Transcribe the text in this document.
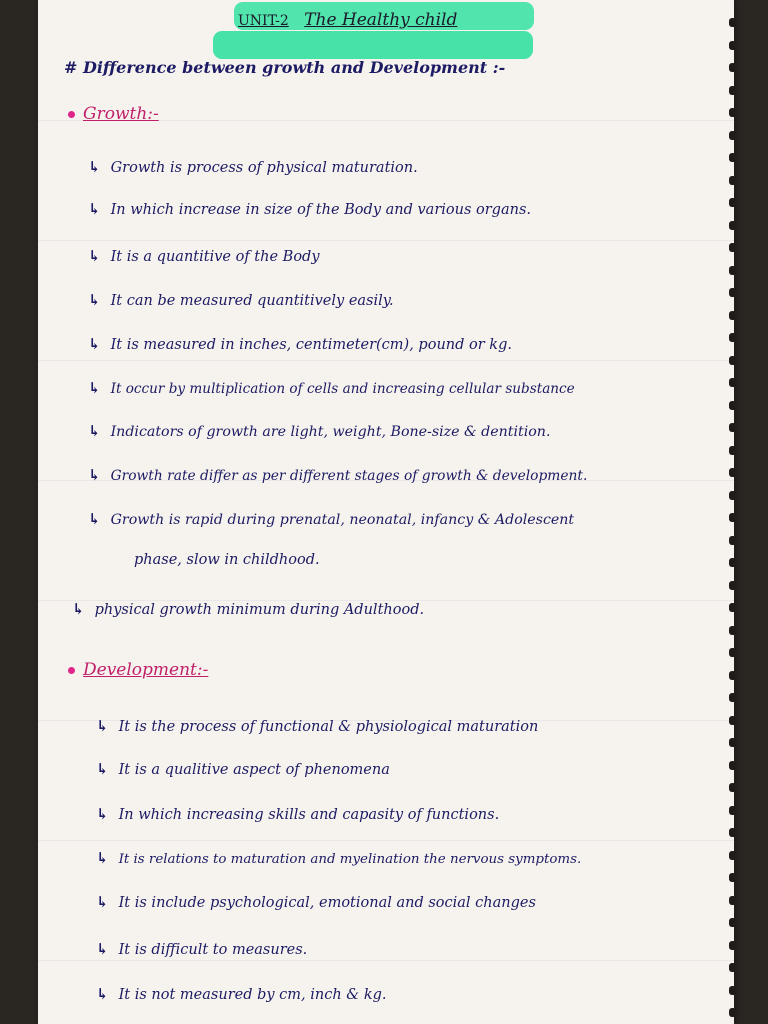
UNIT-2 The Healthy child
# Difference between growth and Development :-
Growth:-
↳ Growth is process of physical maturation.
↳ In which increase in size of the Body and various organs.
↳ It is a quantitive of the Body
↳ It can be measured quantitively easily.
↳ It is measured in inches, centimeter(cm), pound or kg.
↳ It occur by multiplication of cells and increasing cellular substance
↳ Indicators of growth are light, weight, Bone-size & dentition.
↳ Growth rate differ as per different stages of growth & development.
↳ Growth is rapid during prenatal, neonatal, infancy & Adolescent
↳ physical growth minimum during Adulthood.
phase, slow in childhood.
Development:-
↳ It is the process of functional & physiological maturation
↳ It is a qualitive aspect of phenomena
↳ In which increasing skills and capasity of functions.
↳ It is relations to maturation and myelination the nervous symptoms.
↳ It is include psychological, emotional and social changes
↳ It is difficult to measures.
↳ It is not measured by cm, inch & kg.
